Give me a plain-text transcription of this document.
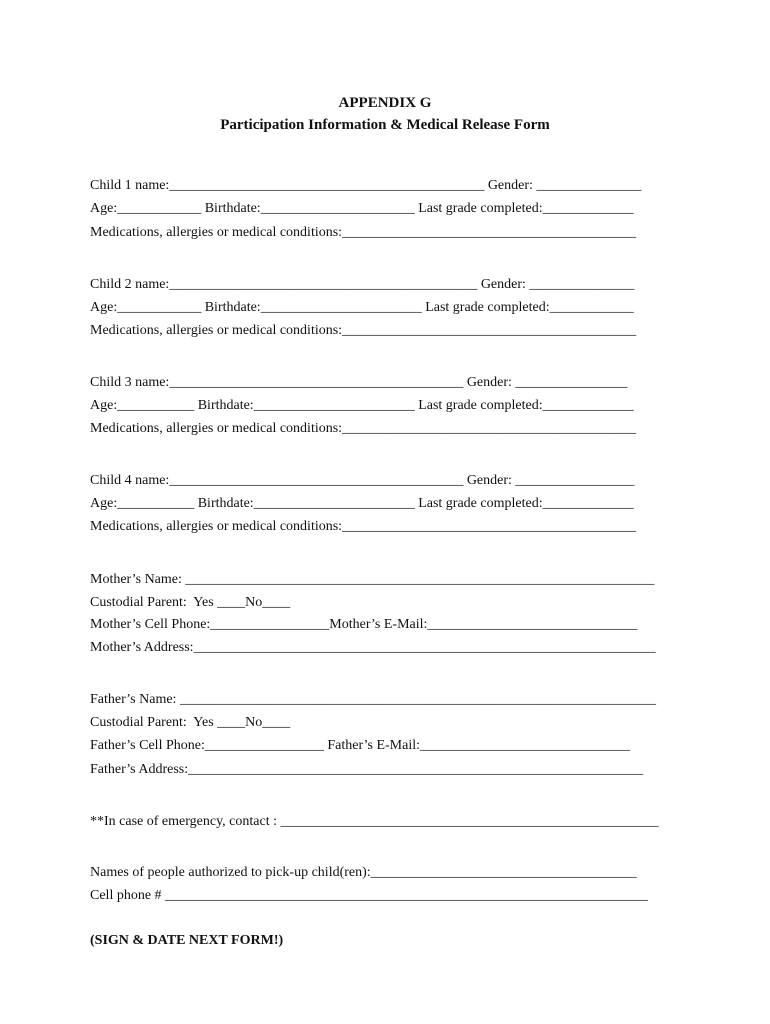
APPENDIX G
Participation Information & Medical Release Form
Child 1 name:_____________________________________________ Gender: _______________
Age:____________ Birthdate:______________________ Last grade completed:_____________
Medications, allergies or medical conditions:__________________________________________
Child 2 name:____________________________________________ Gender: _______________
Age:____________ Birthdate:_______________________ Last grade completed:____________
Medications, allergies or medical conditions:__________________________________________
Child 3 name:__________________________________________ Gender: ________________
Age:___________ Birthdate:_______________________ Last grade completed:_____________
Medications, allergies or medical conditions:__________________________________________
Child 4 name:__________________________________________ Gender: _________________
Age:___________ Birthdate:_______________________ Last grade completed:_____________
Medications, allergies or medical conditions:__________________________________________
Mother’s Name: ___________________________________________________________________
Custodial Parent:  Yes ____No____
Mother’s Cell Phone:_________________Mother’s E-Mail:______________________________
Mother’s Address:__________________________________________________________________
Father’s Name: ____________________________________________________________________
Custodial Parent:  Yes ____No____
Father’s Cell Phone:_________________ Father’s E-Mail:______________________________
Father’s Address:_________________________________________________________________
**In case of emergency, contact : ______________________________________________________
Names of people authorized to pick-up child(ren):______________________________________
Cell phone # _____________________________________________________________________
(SIGN & DATE NEXT FORM!)
